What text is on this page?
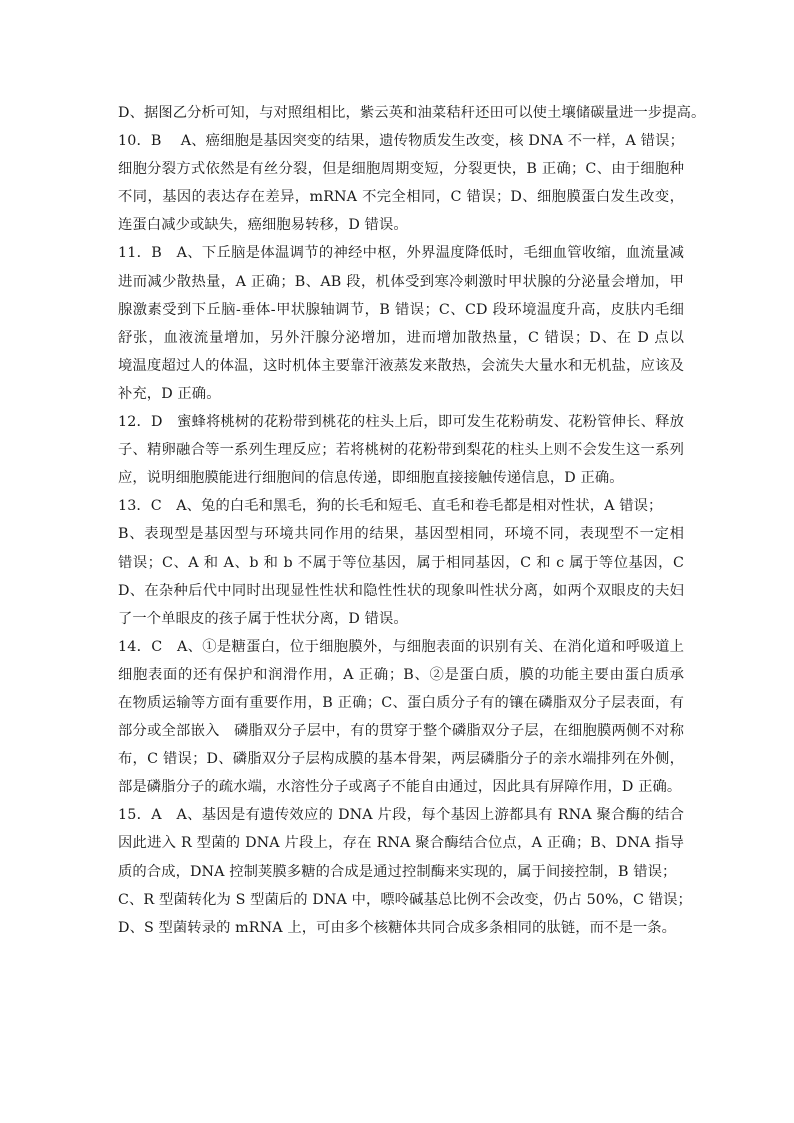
D、据图乙分析可知，与对照组相比，紫云英和油菜秸秆还田可以使土壤储碳量进一步提高。
10．B　 A、癌细胞是基因突变的结果，遗传物质发生改变，核 DNA 不一样，A 错误；
细胞分裂方式依然是有丝分裂，但是细胞周期变短，分裂更快，B 正确；C、由于细胞种
不同，基因的表达存在差异，mRNA 不完全相同，C 错误；D、细胞膜蛋白发生改变，
连蛋白减少或缺失，癌细胞易转移，D 错误。
11．B　A、下丘脑是体温调节的神经中枢，外界温度降低时，毛细血管收缩，血流量减
进而减少散热量，A 正确；B、AB 段，机体受到寒冷刺激时甲状腺的分泌量会增加，甲
腺激素受到下丘脑-垂体-甲状腺轴调节，B 错误；C、CD 段环境温度升高，皮肤内毛细
舒张，血液流量增加，另外汗腺分泌增加，进而增加散热量，C 错误；D、在 D 点以
境温度超过人的体温，这时机体主要靠汗液蒸发来散热，会流失大量水和无机盐，应该及
补充，D 正确。
12．D　蜜蜂将桃树的花粉带到桃花的柱头上后，即可发生花粉萌发、花粉管伸长、释放
子、精卵融合等一系列生理反应；若将桃树的花粉带到梨花的柱头上则不会发生这一系列
应，说明细胞膜能进行细胞间的信息传递，即细胞直接接触传递信息，D 正确。
13．C　A、兔的白毛和黑毛，狗的长毛和短毛、直毛和卷毛都是相对性状，A 错误；
B、表现型是基因型与环境共同作用的结果，基因型相同，环境不同，表现型不一定相
错误；C、A 和 A、b 和 b 不属于等位基因，属于相同基因，C 和 c 属于等位基因，C
D、在杂种后代中同时出现显性性状和隐性性状的现象叫性状分离，如两个双眼皮的夫妇
了一个单眼皮的孩子属于性状分离，D 错误。
14．C　A、①是糖蛋白，位于细胞膜外，与细胞表面的识别有关、在消化道和呼吸道上
细胞表面的还有保护和润滑作用，A 正确；B、②是蛋白质，膜的功能主要由蛋白质承
在物质运输等方面有重要作用，B 正确；C、蛋白质分子有的镶在磷脂双分子层表面，有
部分或全部嵌入　磷脂双分子层中，有的贯穿于整个磷脂双分子层，在细胞膜两侧不对称
布，C 错误；D、磷脂双分子层构成膜的基本骨架，两层磷脂分子的亲水端排列在外侧，
部是磷脂分子的疏水端，水溶性分子或离子不能自由通过，因此具有屏障作用，D 正确。
15．A　A、基因是有遗传效应的 DNA 片段，每个基因上游都具有 RNA 聚合酶的结合
因此进入 R 型菌的 DNA 片段上，存在 RNA 聚合酶结合位点，A 正确；B、DNA 指导
质的合成，DNA 控制荚膜多糖的合成是通过控制酶来实现的，属于间接控制，B 错误；
C、R 型菌转化为 S 型菌后的 DNA 中，嘌呤碱基总比例不会改变，仍占 50%，C 错误；
D、S 型菌转录的 mRNA 上，可由多个核糖体共同合成多条相同的肽链，而不是一条。
